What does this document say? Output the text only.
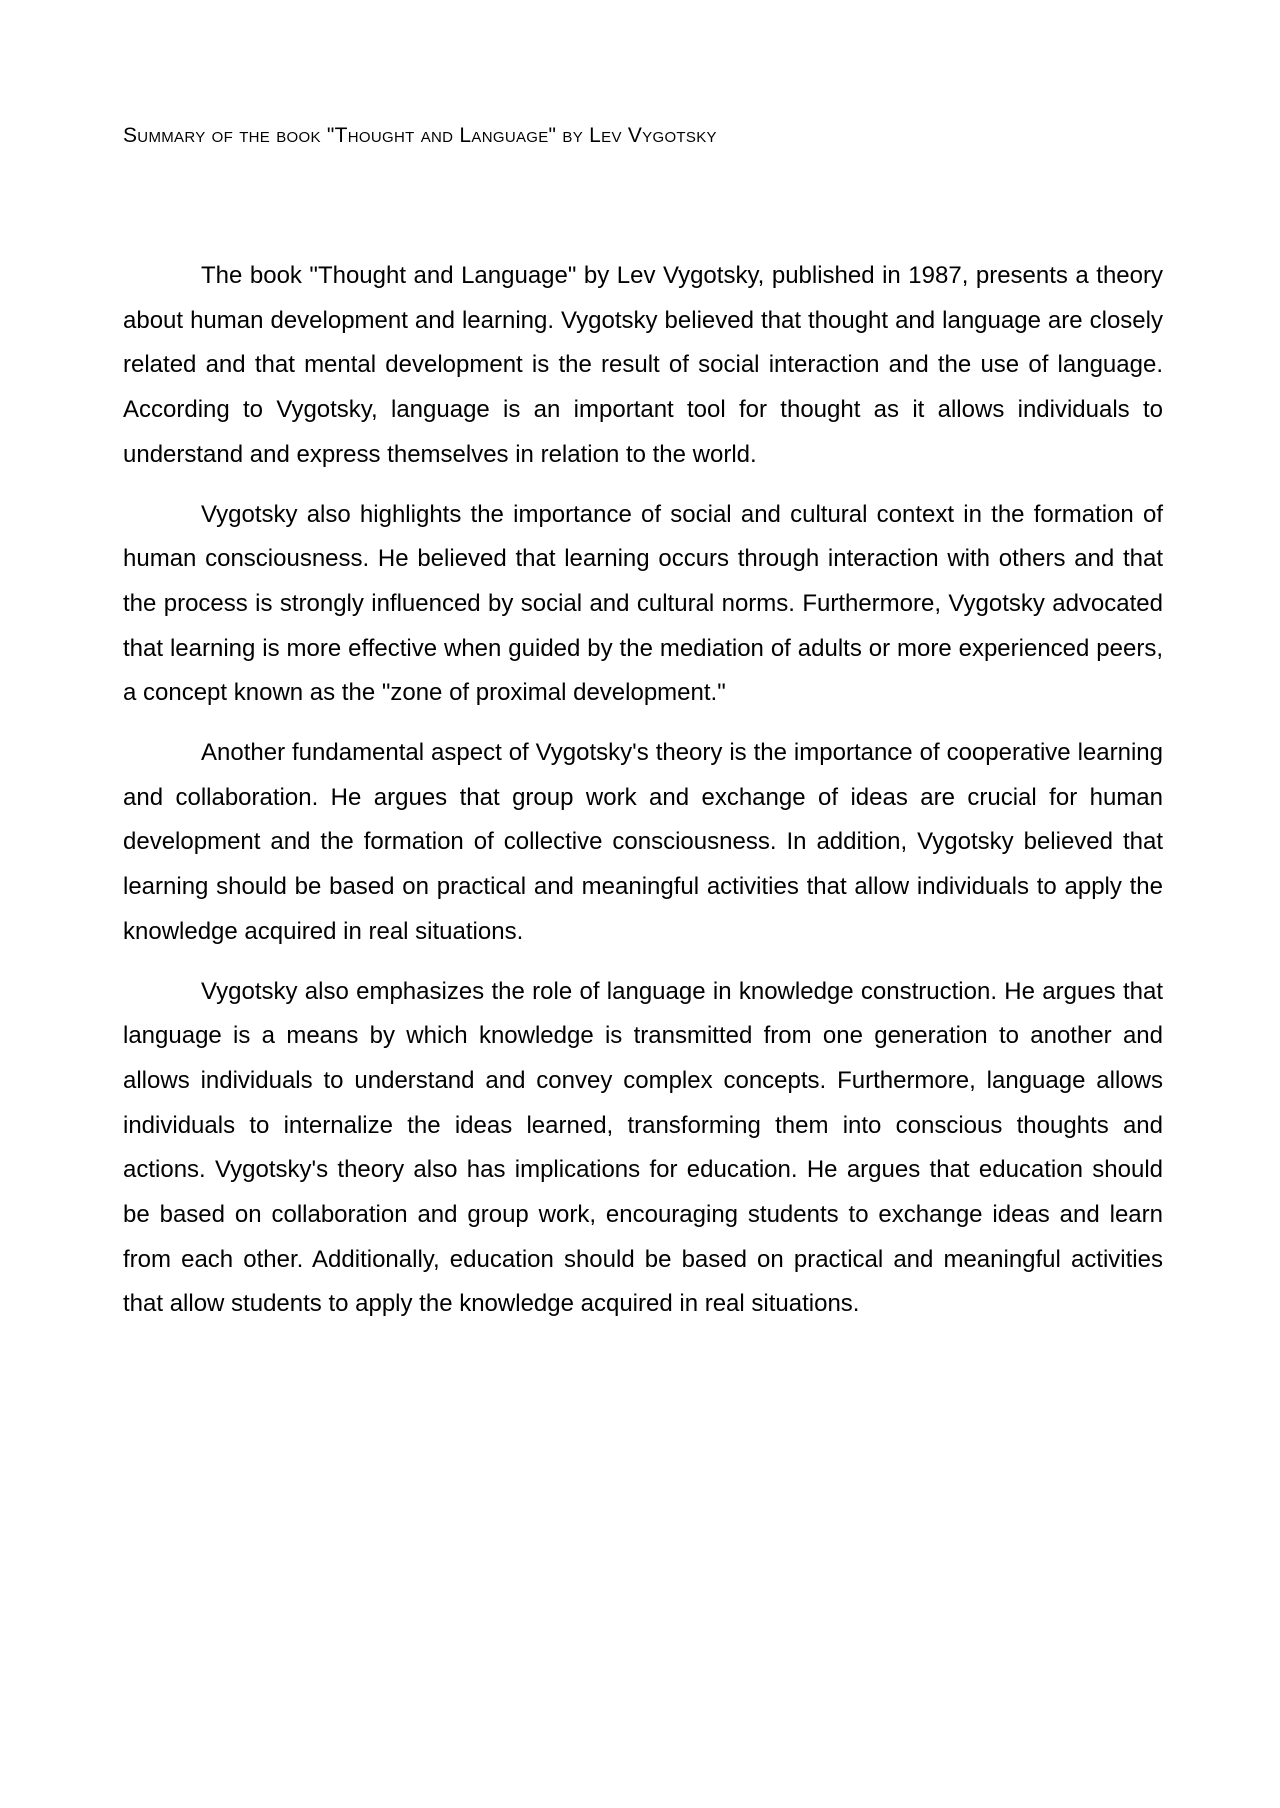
Summary of the book "Thought and Language" by Lev Vygotsky

The book "Thought and Language" by Lev Vygotsky, published in 1987, presents a theory about human development and learning. Vygotsky believed that thought and language are closely related and that mental development is the result of social interaction and the use of language. According to Vygotsky, language is an important tool for thought as it allows individuals to understand and express themselves in relation to the world.

Vygotsky also highlights the importance of social and cultural context in the formation of human consciousness. He believed that learning occurs through interaction with others and that the process is strongly influenced by social and cultural norms. Furthermore, Vygotsky advocated that learning is more effective when guided by the mediation of adults or more experienced peers, a concept known as the "zone of proximal development."

Another fundamental aspect of Vygotsky's theory is the importance of cooperative learning and collaboration. He argues that group work and exchange of ideas are crucial for human development and the formation of collective consciousness. In addition, Vygotsky believed that learning should be based on practical and meaningful activities that allow individuals to apply the knowledge acquired in real situations.

Vygotsky also emphasizes the role of language in knowledge construction. He argues that language is a means by which knowledge is transmitted from one generation to another and allows individuals to understand and convey complex concepts. Furthermore, language allows individuals to internalize the ideas learned, transforming them into conscious thoughts and actions. Vygotsky's theory also has implications for education. He argues that education should be based on collaboration and group work, encouraging students to exchange ideas and learn from each other. Additionally, education should be based on practical and meaningful activities that allow students to apply the knowledge acquired in real situations.
